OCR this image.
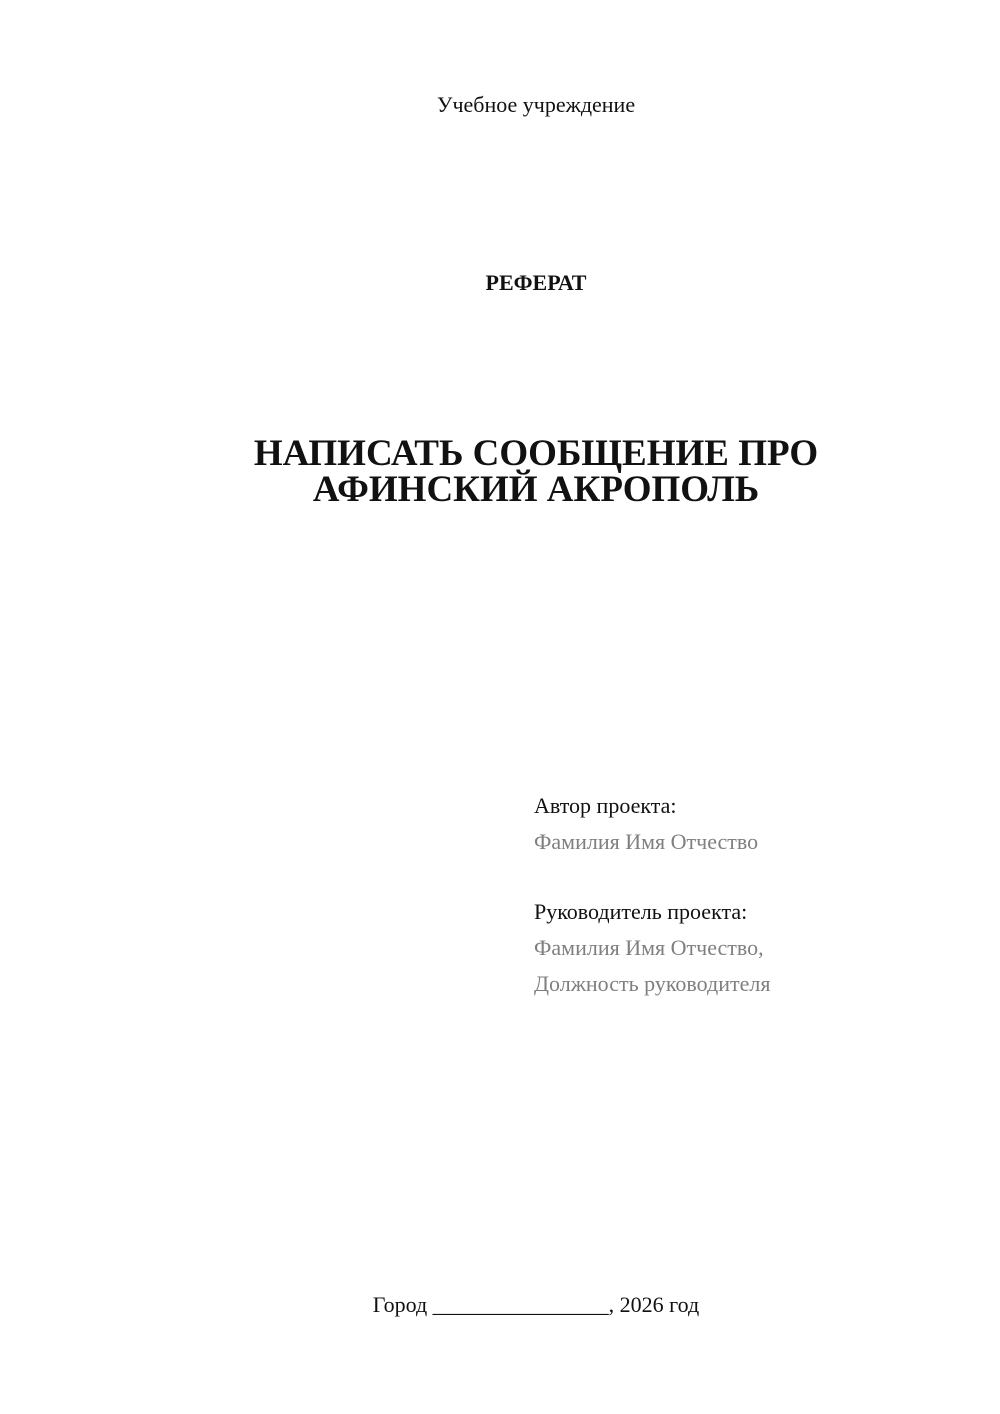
Учебное учреждение
РЕФЕРАТ
НАПИСАТЬ СООБЩЕНИЕ ПРО
АФИНСКИЙ АКРОПОЛЬ
Автор проекта:
Фамилия Имя Отчество
Руководитель проекта:
Фамилия Имя Отчество,
Должность руководителя
Город ________________, 2026 год
